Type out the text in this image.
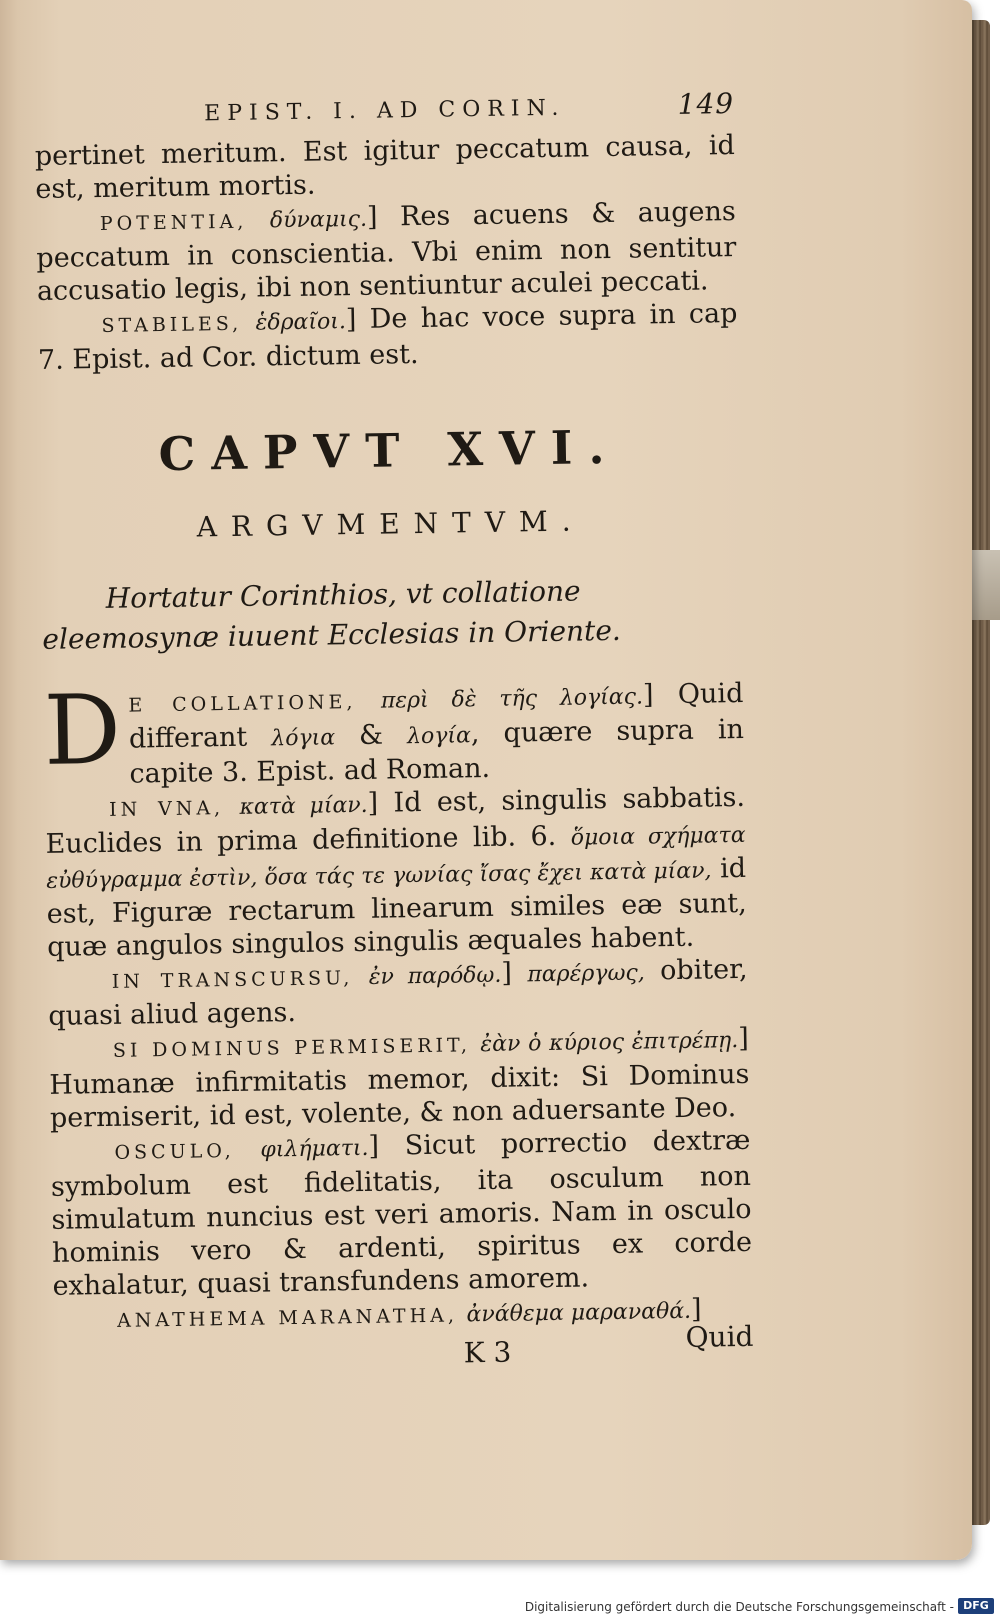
EPIST. I. AD CORIN.	149

pertinet meritum. Est igitur peccatum causa, id est, meritum mortis.

POTENTIA, δύναμις.] Res acuens & augens peccatum in conscientia. Vbi enim non sentitur accusatio legis, ibi non sentiuntur aculei peccati.

STABILES, ἑδραῖοι.] De hac voce supra in cap 7. Epist. ad Cor. dictum est.

CAPVT XVI.
ARGVMENTVM.
Hortatur Corinthios, vt collatione eleemosynæ iuuent Ecclesias in Oriente.

DE COLLATIONE, περὶ δὲ τῆς λογίας.] Quid differant λόγια & λογία, quære supra in capite 3. Epist. ad Roman.

IN VNA, κατὰ μίαν.] Id est, singulis sabbatis. Euclides in prima definitione lib. 6. ὅμοια σχήματα εὐθύγραμμα ἐστὶν, ὅσα τάς τε γωνίας ἴσας ἔχει κατὰ μίαν, id est, Figuræ rectarum linearum similes eæ sunt, quæ angulos singulos singulis æquales habent.

IN TRANSCURSU, ἐν παρόδῳ.] παρέργως, obiter, quasi aliud agens.

SI DOMINUS PERMISERIT, ἐὰν ὁ κύριος ἐπιτρέπῃ.] Humanæ infirmitatis memor, dixit: Si Dominus permiserit, id est, volente, & non aduersante Deo.

OSCULO, φιλήματι.] Sicut porrectio dextræ symbolum est fidelitatis, ita osculum non simulatum nuncius est veri amoris. Nam in osculo hominis vero & ardenti, spiritus ex corde exhalatur, quasi transfundens amorem.

ANATHEMA MARANATHA, ἀνάθεμα μαραναθά.]

K 3	Quid
Digitalisierung gefördert durch die Deutsche Forschungsgemeinschaft - DFG
